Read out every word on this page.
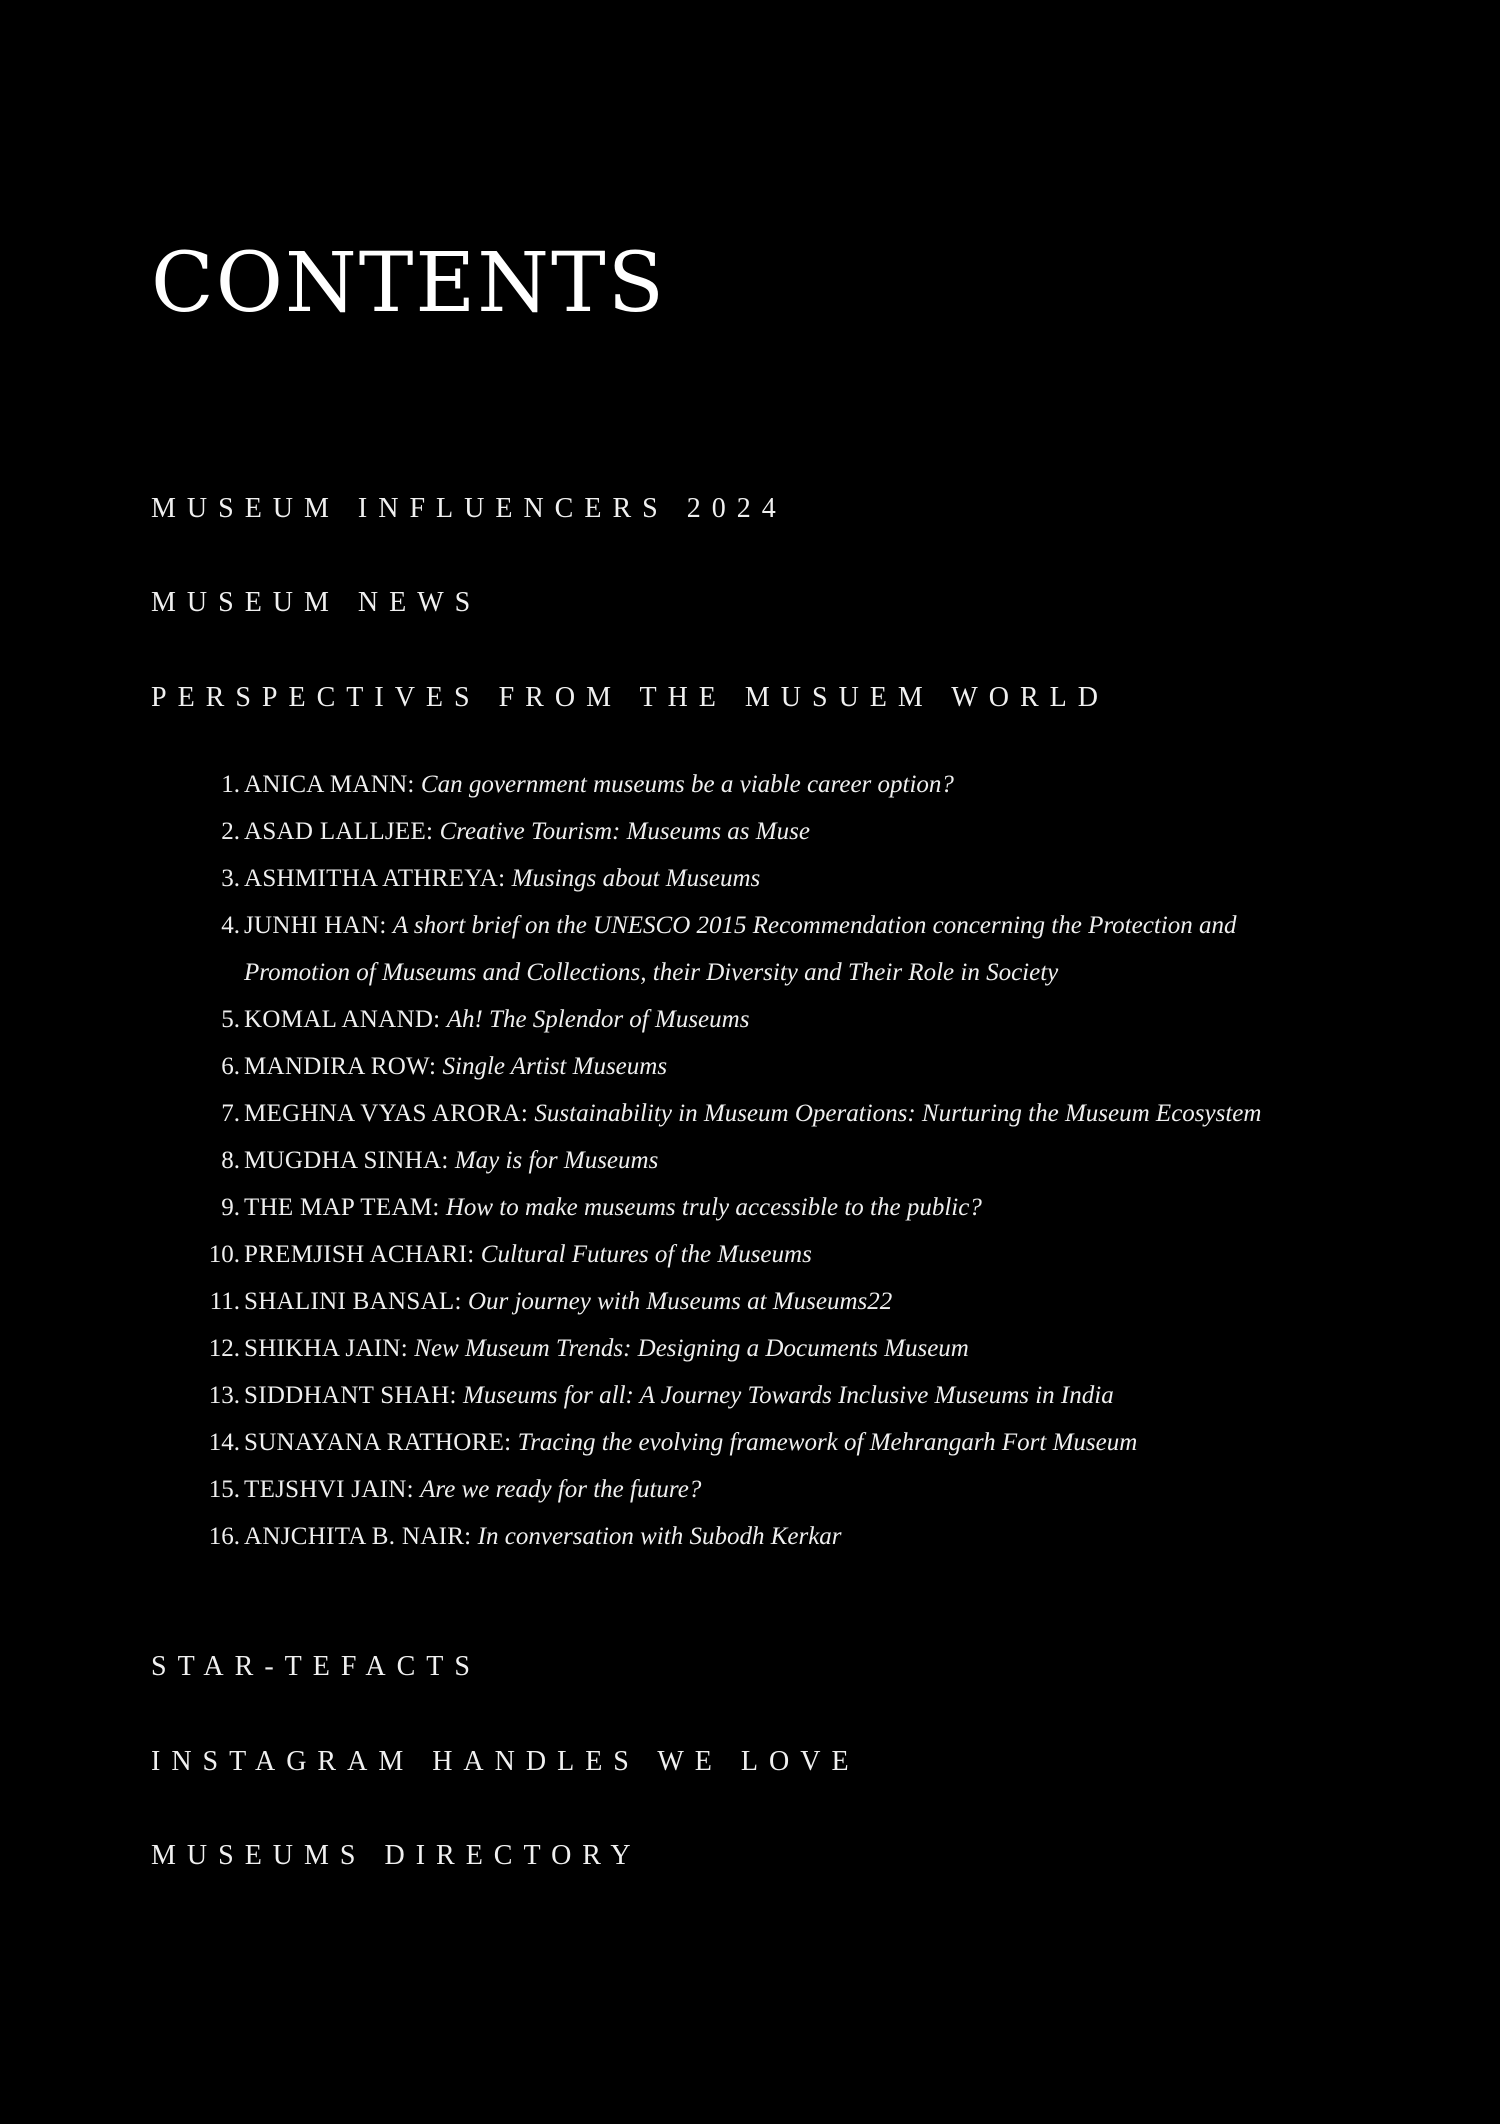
CONTENTS
MUSEUM INFLUENCERS 2024
MUSEUM NEWS
PERSPECTIVES FROM THE MUSUEM WORLD
1. ANICA MANN: Can government museums be a viable career option?
2. ASAD LALLJEE: Creative Tourism: Museums as Muse
3. ASHMITHA ATHREYA: Musings about Museums
4. JUNHI HAN: A short brief on the UNESCO 2015 Recommendation concerning the Protection and Promotion of Museums and Collections, their Diversity and Their Role in Society
5. KOMAL ANAND: Ah! The Splendor of Museums
6. MANDIRA ROW: Single Artist Museums
7. MEGHNA VYAS ARORA: Sustainability in Museum Operations: Nurturing the Museum Ecosystem
8. MUGDHA SINHA: May is for Museums
9. THE MAP TEAM: How to make museums truly accessible to the public?
10. PREMJISH ACHARI: Cultural Futures of the Museums
11. SHALINI BANSAL: Our journey with Museums at Museums22
12. SHIKHA JAIN: New Museum Trends: Designing a Documents Museum
13. SIDDHANT SHAH: Museums for all: A Journey Towards Inclusive Museums in India
14. SUNAYANA RATHORE: Tracing the evolving framework of Mehrangarh Fort Museum
15. TEJSHVI JAIN: Are we ready for the future?
16. ANJCHITA B. NAIR: In conversation with Subodh Kerkar
STAR-TEFACTS
INSTAGRAM HANDLES WE LOVE
MUSEUMS DIRECTORY
